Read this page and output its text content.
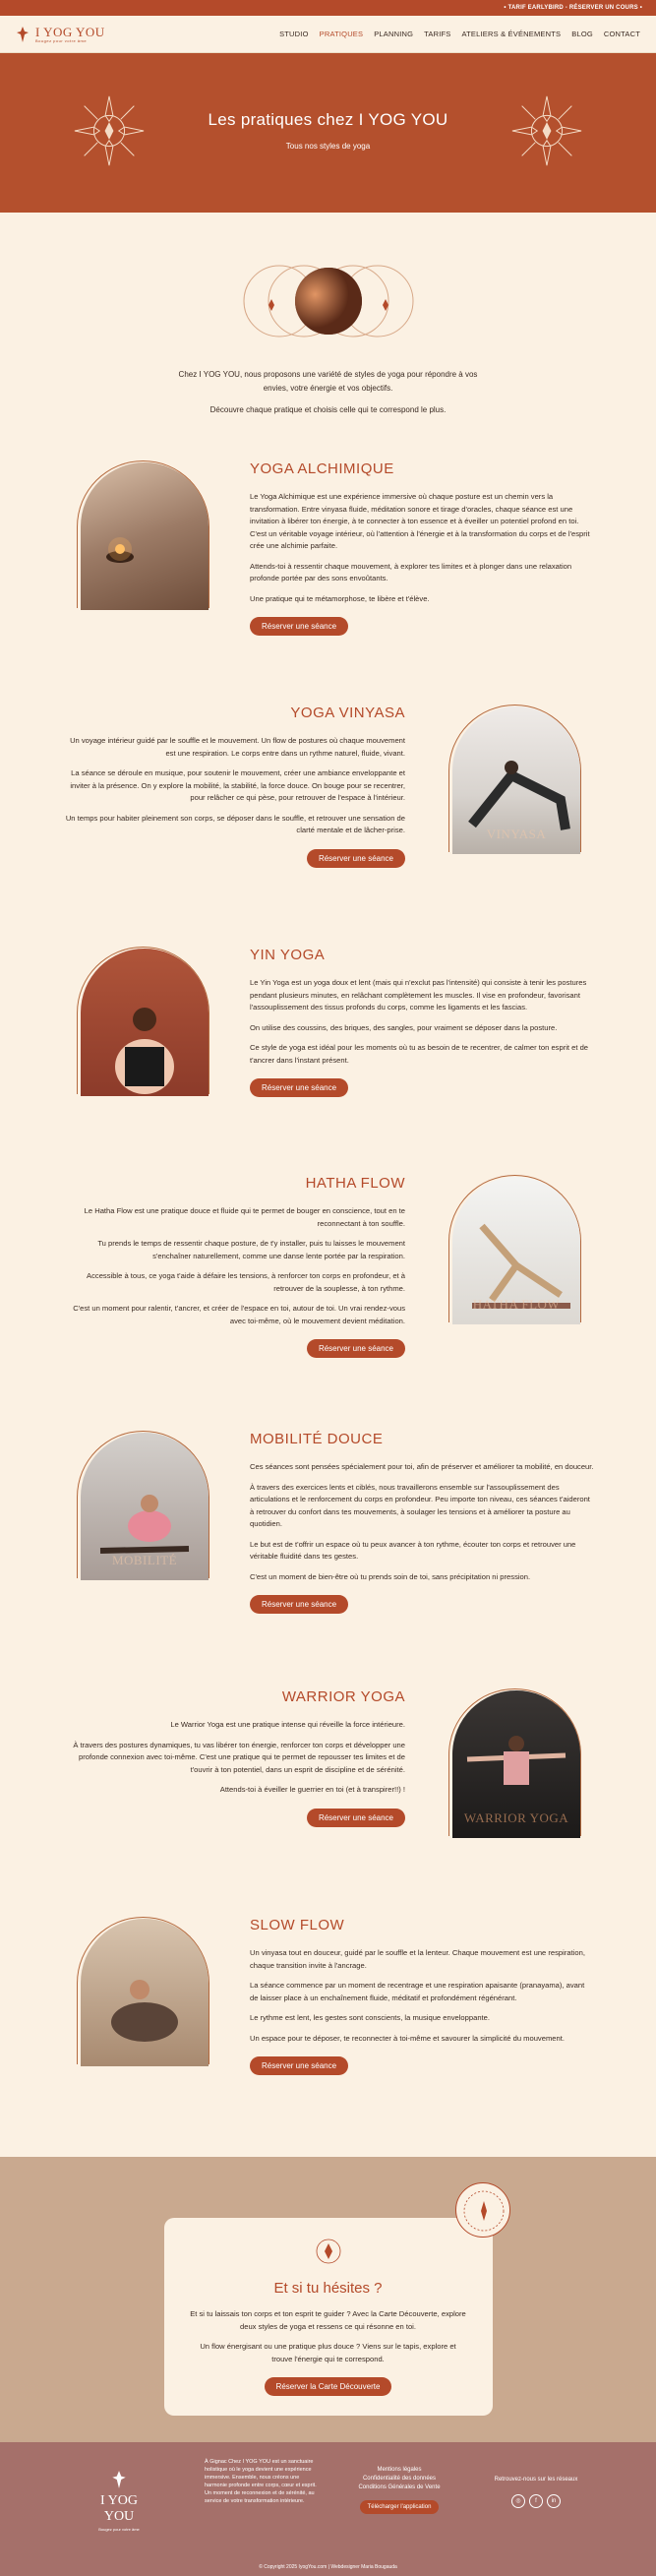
• TARIF EARLYBIRD - RÉSERVER UN COURS •
I YOG YOU
Bougez pour votre âme
STUDIO PRATIQUES PLANNING TARIFS ATELIERS & ÉVÉNEMENTS BLOG CONTACT
Les pratiques chez I YOG YOU

Tous nos styles de yoga

Chez I YOG YOU, nous proposons une variété de styles de yoga pour répondre à vos envies, votre énergie et vos objectifs.

Découvre chaque pratique et choisis celle qui te correspond le plus.

YOGA ALCHIMIQUE

Le Yoga Alchimique est une expérience immersive où chaque posture est un chemin vers la transformation. Entre vinyasa fluide, méditation sonore et tirage d'oracles, chaque séance est une invitation à libérer ton énergie, à te connecter à ton essence et à éveiller un potentiel profond en toi. C'est un véritable voyage intérieur, où l'attention à l'énergie et à la transformation du corps et de l'esprit crée une alchimie parfaite.

Attends-toi à ressentir chaque mouvement, à explorer tes limites et à plonger dans une relaxation profonde portée par des sons envoûtants.

Une pratique qui te métamorphose, te libère et t'élève.

Réserver une séance
VINYASA
YOGA VINYASA

Un voyage intérieur guidé par le souffle et le mouvement. Un flow de postures où chaque mouvement est une respiration. Le corps entre dans un rythme naturel, fluide, vivant.

La séance se déroule en musique, pour soutenir le mouvement, créer une ambiance enveloppante et inviter à la présence. On y explore la mobilité, la stabilité, la force douce. On bouge pour se recentrer, pour relâcher ce qui pèse, pour retrouver de l'espace à l'intérieur.

Un temps pour habiter pleinement son corps, se déposer dans le souffle, et retrouver une sensation de clarté mentale et de lâcher-prise.

Réserver une séance
YIN YOGA

Le Yin Yoga est un yoga doux et lent (mais qui n'exclut pas l'intensité) qui consiste à tenir les postures pendant plusieurs minutes, en relâchant complètement les muscles. Il vise en profondeur, favorisant l'assouplissement des tissus profonds du corps, comme les ligaments et les fascias.

On utilise des coussins, des briques, des sangles, pour vraiment se déposer dans la posture.

Ce style de yoga est idéal pour les moments où tu as besoin de te recentrer, de calmer ton esprit et de t'ancrer dans l'instant présent.

Réserver une séance
HATHA FLOW
HATHA FLOW

Le Hatha Flow est une pratique douce et fluide qui te permet de bouger en conscience, tout en te reconnectant à ton souffle.

Tu prends le temps de ressentir chaque posture, de t'y installer, puis tu laisses le mouvement s'enchaîner naturellement, comme une danse lente portée par la respiration.

Accessible à tous, ce yoga t'aide à défaire les tensions, à renforcer ton corps en profondeur, et à retrouver de la souplesse, à ton rythme.

C'est un moment pour ralentir, t'ancrer, et créer de l'espace en toi, autour de toi. Un vrai rendez-vous avec toi-même, où le mouvement devient méditation.

Réserver une séance
MOBILITÉ
MOBILITÉ DOUCE

Ces séances sont pensées spécialement pour toi, afin de préserver et améliorer ta mobilité, en douceur.

À travers des exercices lents et ciblés, nous travaillerons ensemble sur l'assouplissement des articulations et le renforcement du corps en profondeur. Peu importe ton niveau, ces séances t'aideront à retrouver du confort dans tes mouvements, à soulager les tensions et à améliorer ta posture au quotidien.

Le but est de t'offrir un espace où tu peux avancer à ton rythme, écouter ton corps et retrouver une véritable fluidité dans tes gestes.

C'est un moment de bien-être où tu prends soin de toi, sans précipitation ni pression.

Réserver une séance
WARRIOR YOGA
WARRIOR YOGA

Le Warrior Yoga est une pratique intense qui réveille la force intérieure.

À travers des postures dynamiques, tu vas libérer ton énergie, renforcer ton corps et développer une profonde connexion avec toi-même. C'est une pratique qui te permet de repousser tes limites et de t'ouvrir à ton potentiel, dans un esprit de discipline et de sérénité.

Attends-toi à éveiller le guerrier en toi (et à transpirer!!) !

Réserver une séance
SLOW FLOW

Un vinyasa tout en douceur, guidé par le souffle et la lenteur. Chaque mouvement est une respiration, chaque transition invite à l'ancrage.

La séance commence par un moment de recentrage et une respiration apaisante (pranayama), avant de laisser place à un enchaînement fluide, méditatif et profondément régénérant.

Le rythme est lent, les gestes sont conscients, la musique enveloppante.

Un espace pour te déposer, te reconnecter à toi-même et savourer la simplicité du mouvement.

Réserver une séance
Et si tu hésites ?

Et si tu laissais ton corps et ton esprit te guider ? Avec la Carte Découverte, explore deux styles de yoga et ressens ce qui résonne en toi.

Un flow énergisant ou une pratique plus douce ? Viens sur le tapis, explore et trouve l'énergie qui te correspond.

Réserver la Carte Découverte
I YOG YOU
Bougez pour votre âme
À Gignac Chez I YOG YOU est un sanctuaire holistique où le yoga devient une expérience immersive. Ensemble, nous créons une harmonie profonde entre corps, cœur et esprit. Un moment de reconnexion et de sérénité, au service de votre transformation intérieure.
Mentions légales
Confidentialité des données
Conditions Générales de Vente
Télécharger l'application
Retrouvez-nous sur les réseaux
◎	f	in
© Copyright 2025 IyogYou.com | Webdesigner Maria Bougauda
